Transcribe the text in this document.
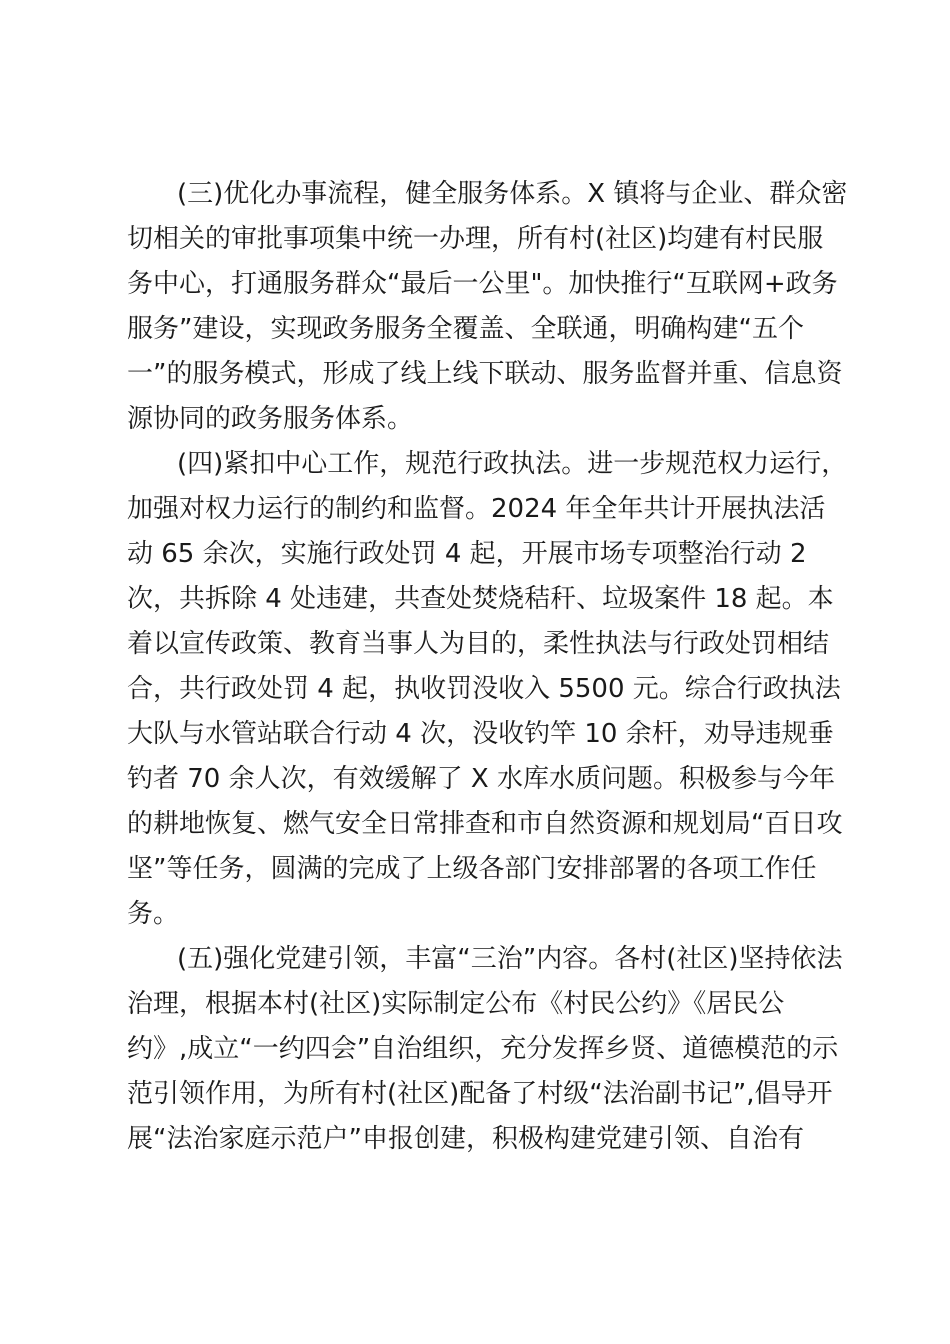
(三)优化办事流程，健全服务体系。X 镇将与企业、群众密
切相关的审批事项集中统一办理，所有村(社区)均建有村民服
务中心，打通服务群众“最后一公里"。加快推行“互联网+政务
服务”建设，实现政务服务全覆盖、全联通，明确构建“五个
一”的服务模式，形成了线上线下联动、服务监督并重、信息资
源协同的政务服务体系。
(四)紧扣中心工作，规范行政执法。进一步规范权力运行，
加强对权力运行的制约和监督。2024 年全年共计开展执法活
动 65 余次，实施行政处罚 4 起，开展市场专项整治行动 2
次，共拆除 4 处违建，共查处焚烧秸秆、垃圾案件 18 起。本
着以宣传政策、教育当事人为目的，柔性执法与行政处罚相结
合，共行政处罚 4 起，执收罚没收入 5500 元。综合行政执法
大队与水管站联合行动 4 次，没收钓竿 10 余杆，劝导违规垂
钓者 70 余人次，有效缓解了 X 水库水质问题。积极参与今年
的耕地恢复、燃气安全日常排查和市自然资源和规划局“百日攻
坚”等任务，圆满的完成了上级各部门安排部署的各项工作任
务。
(五)强化党建引领，丰富“三治”内容。各村(社区)坚持依法
治理，根据本村(社区)实际制定公布《村民公约》《居民公
约》,成立“一约四会”自治组织，充分发挥乡贤、道德模范的示
范引领作用，为所有村(社区)配备了村级“法治副书记”,倡导开
展“法治家庭示范户”申报创建，积极构建党建引领、自治有
